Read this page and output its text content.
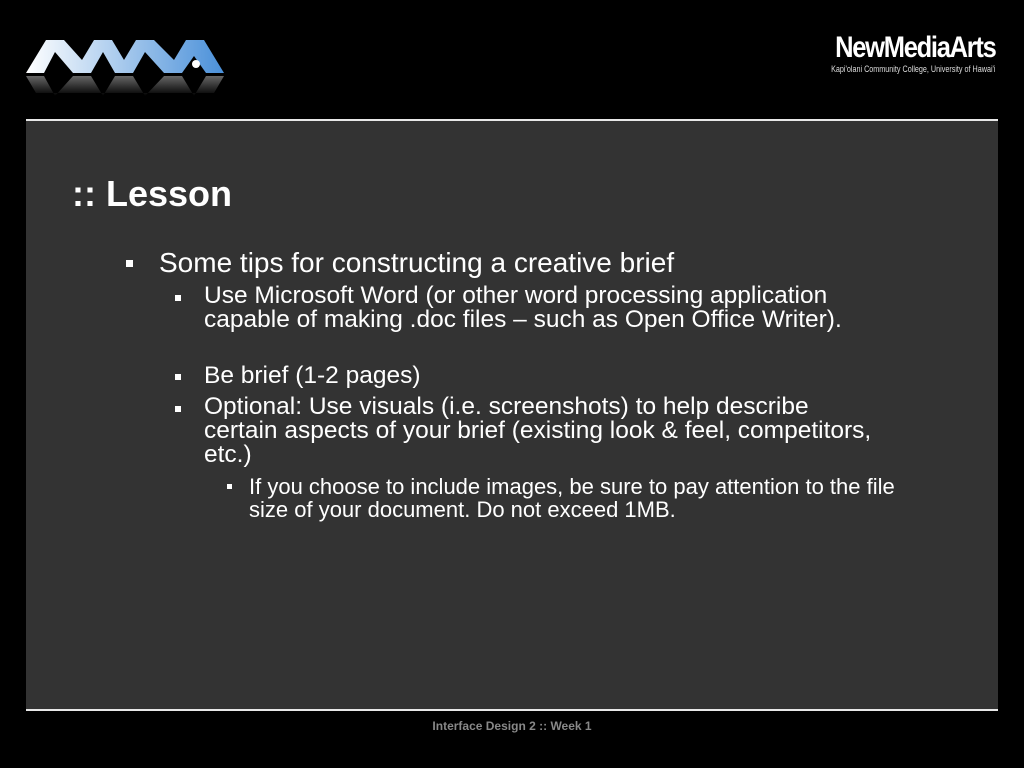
NewMediaArts
Kapi'olani Community College, University of Hawai'i
:: Lesson
Some tips for constructing a creative brief
Use Microsoft Word (or other word processing application capable of making .doc files – such as Open Office Writer).
Be brief (1-2 pages)
Optional: Use visuals (i.e. screenshots) to help describe certain aspects of your brief (existing look & feel, competitors, etc.)
If you choose to include images, be sure to pay attention to the file size of your document. Do not exceed 1MB.
Interface Design 2 :: Week 1
